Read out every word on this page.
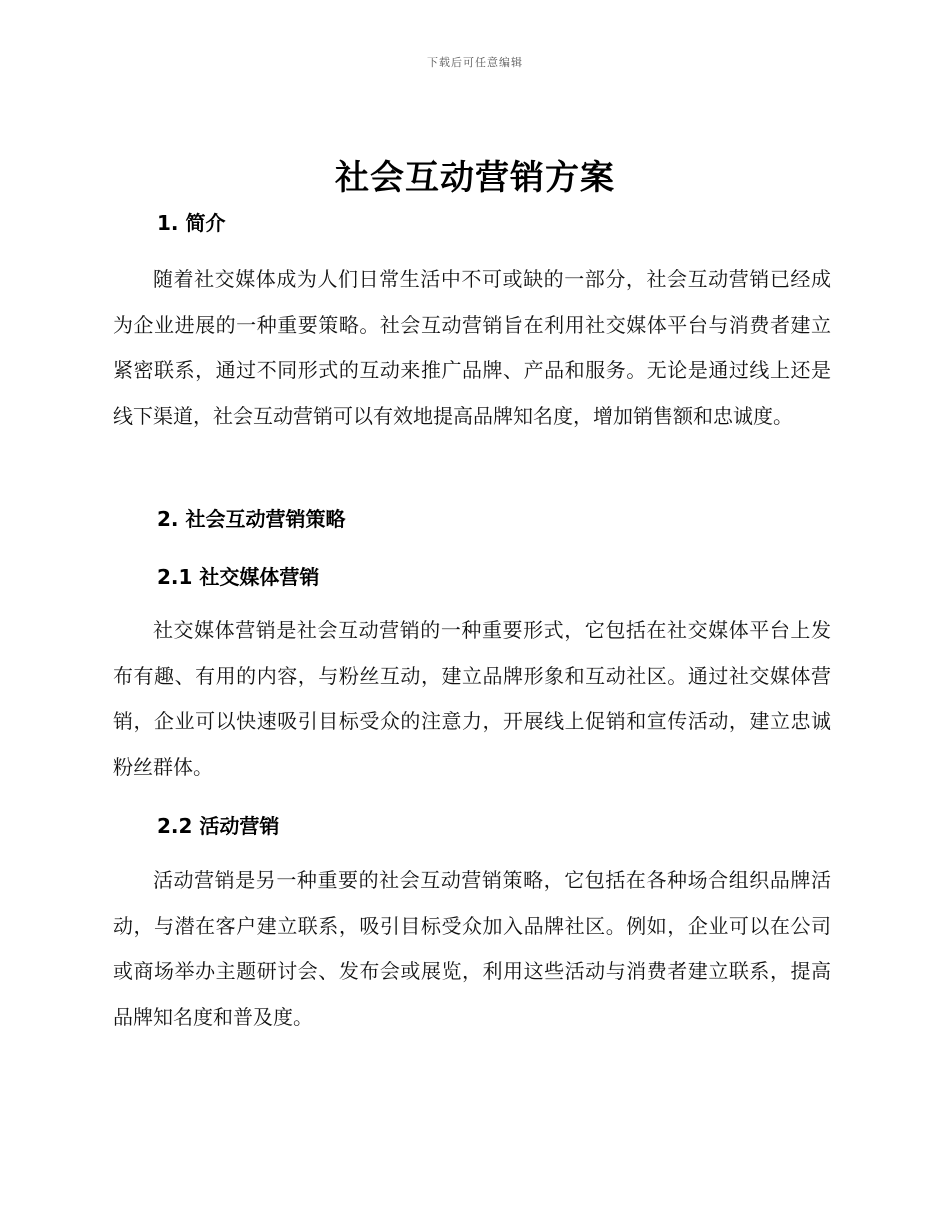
下载后可任意编辑
社会互动营销方案
1. 简介

随着社交媒体成为人们日常生活中不可或缺的一部分，社会互动营销已经成为企业进展的一种重要策略。社会互动营销旨在利用社交媒体平台与消费者建立紧密联系，通过不同形式的互动来推广品牌、产品和服务。无论是通过线上还是线下渠道，社会互动营销可以有效地提高品牌知名度，增加销售额和忠诚度。

2. 社会互动营销策略
2.1 社交媒体营销

社交媒体营销是社会互动营销的一种重要形式，它包括在社交媒体平台上发布有趣、有用的内容，与粉丝互动，建立品牌形象和互动社区。通过社交媒体营销，企业可以快速吸引目标受众的注意力，开展线上促销和宣传活动，建立忠诚粉丝群体。

2.2 活动营销

活动营销是另一种重要的社会互动营销策略，它包括在各种场合组织品牌活动，与潜在客户建立联系，吸引目标受众加入品牌社区。例如，企业可以在公司或商场举办主题研讨会、发布会或展览，利用这些活动与消费者建立联系，提高品牌知名度和普及度。
